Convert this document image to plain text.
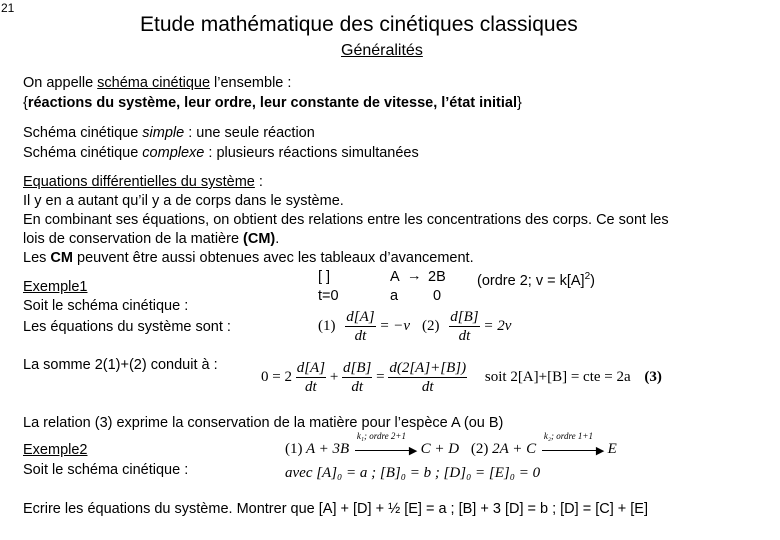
21
Etude mathématique des cinétiques classiques
Généralités
On appelle schéma cinétique l’ensemble :
{réactions du système, leur ordre, leur constante de vitesse, l’état initial}
Schéma cinétique simple : une seule réaction
Schéma cinétique complexe : plusieurs réactions simultanées
Equations différentielles du système :
Il y en a autant qu’il y a de corps dans le système.
En combinant ses équations, on obtient des relations entre les concentrations des corps. Ce sont les
lois de conservation de la matière (CM).
Les CM peuvent être aussi obtenues avec les tableaux d’avancement.
Exemple1
Soit le schéma cinétique :
Les équations du système sont :
[ ]	A → 2B (ordre 2; $v = k[A]^2$)
t=0	a 0
$(1) \frac{d[A]}{dt} = -\nu$ $(2) \frac{d[B]}{dt} = 2\nu$
La somme 2(1)+(2) conduit à :
$0 = 2 \frac{d[A]}{dt} + \frac{d[B]}{dt} = \frac{d(2[A]+[B])}{dt}$ soit 2[A]+[B] = cte = 2a (3)
La relation (3) exprime la conservation de la matière pour l’espèce A (ou B)
Exemple2
Soit le schéma cinétique :
(1) A + 3B
k₁; ordre 2+1
▶ C + D (2) 2A + C
k₂; ordre 1+1
▶ E
avec [A]₀ = a ; [B]₀ = b ; [D]₀ = [E]₀ = 0
Ecrire les équations du système. Montrer que [A] + [D] + ½ [E] = a ; [B] + 3 [D] = b ; [D] = [C] + [E]
